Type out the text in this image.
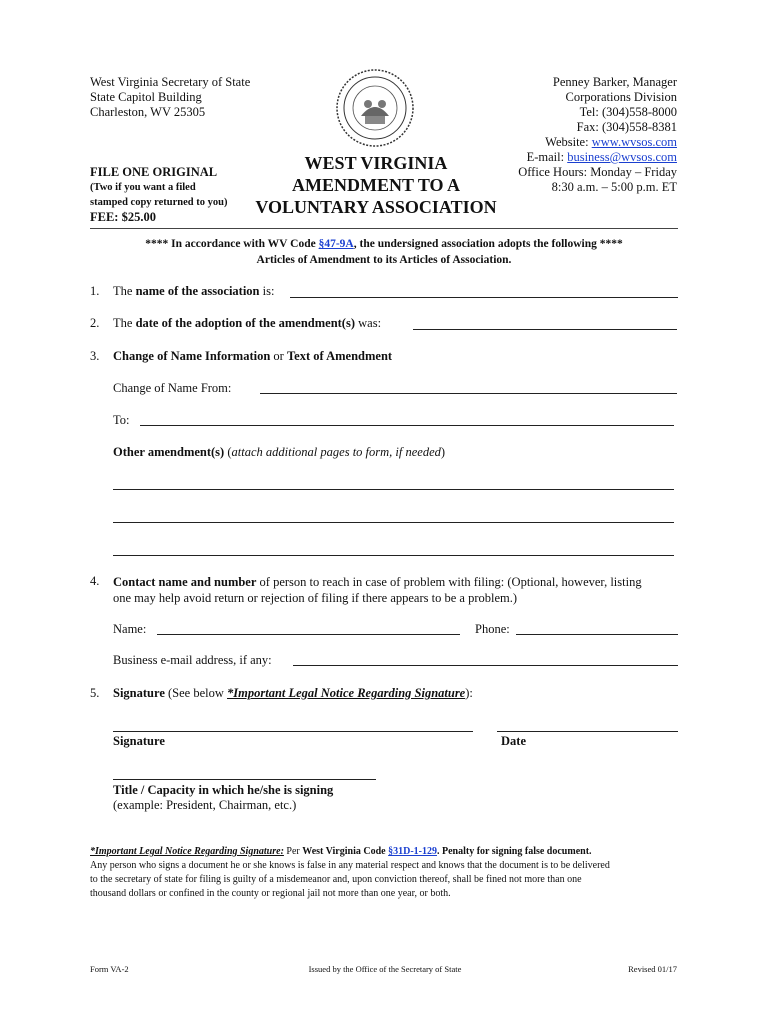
West Virginia Secretary of State
State Capitol Building
Charleston, WV 25305
Penney Barker, Manager
Corporations Division
Tel: (304)558-8000
Fax: (304)558-8381
Website: www.wvsos.com
E-mail: business@wvsos.com
Office Hours: Monday – Friday
8:30 a.m. – 5:00 p.m. ET
FILE ONE ORIGINAL
(Two if you want a filed
stamped copy returned to you)
FEE: $25.00
WEST VIRGINIA
AMENDMENT TO A
VOLUNTARY ASSOCIATION
**** In accordance with WV Code §47-9A, the undersigned association adopts the following ****
Articles of Amendment to its Articles of Association.
1. The name of the association is:
2. The date of the adoption of the amendment(s) was:
3. Change of Name Information or Text of Amendment
Change of Name From:
To:
Other amendment(s) (attach additional pages to form, if needed)
4. Contact name and number of person to reach in case of problem with filing: (Optional, however, listing
one may help avoid return or rejection of filing if there appears to be a problem.)
Name:	Phone:
Business e-mail address, if any:
5. Signature (See below *Important Legal Notice Regarding Signature):
Signature	Date
Title / Capacity in which he/she is signing
(example: President, Chairman, etc.)
*Important Legal Notice Regarding Signature: Per West Virginia Code §31D-1-129. Penalty for signing false document.
Any person who signs a document he or she knows is false in any material respect and knows that the document is to be delivered
to the secretary of state for filing is guilty of a misdemeanor and, upon conviction thereof, shall be fined not more than one
thousand dollars or confined in the county or regional jail not more than one year, or both.
Form VA-2	Issued by the Office of the Secretary of State	Revised 01/17
